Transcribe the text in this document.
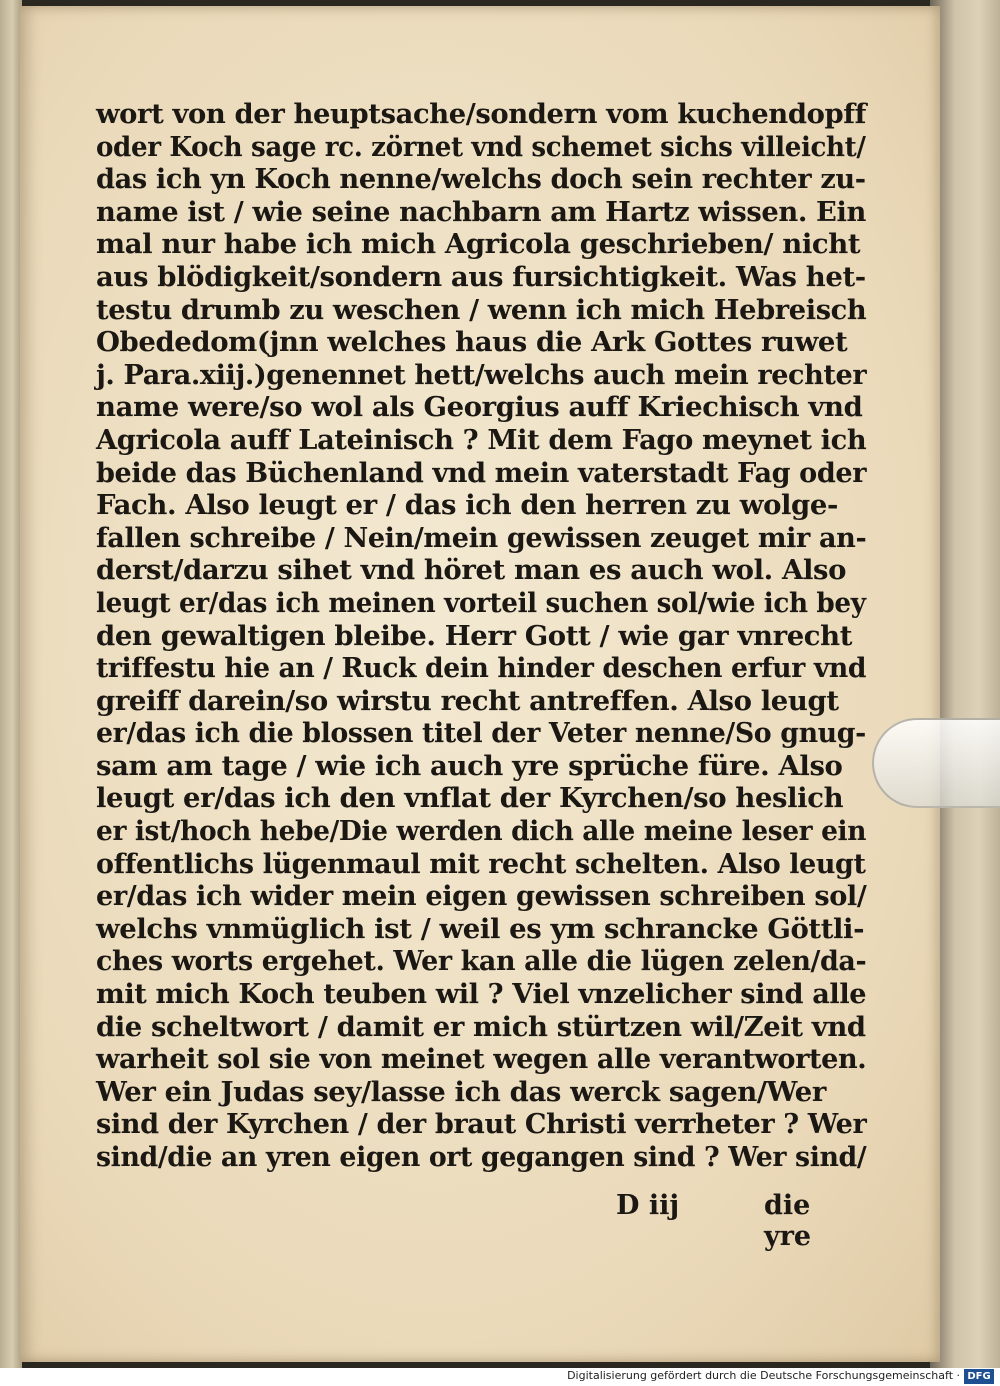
wort von der heuptsache/sondern vom kuchendopff
oder Koch sage rc. zörnet vnd schemet sichs villeicht/
das ich yn Koch nenne/welchs doch sein rechter zu-
name ist / wie seine nachbarn am Hartz wissen. Ein
mal nur habe ich mich Agricola geschrieben/ nicht
aus blödigkeit/sondern aus fursichtigkeit. Was het-
testu drumb zu weschen / wenn ich mich Hebreisch
Obededom(jnn welches haus die Ark Gottes ruwet
j. Para.xiij.)genennet hett/welchs auch mein rechter
name were/so wol als Georgius auff Kriechisch vnd
Agricola auff Lateinisch ? Mit dem Fago meynet ich
beide das Büchenland vnd mein vaterstadt Fag oder
Fach. Also leugt er / das ich den herren zu wolge-
fallen schreibe / Nein/mein gewissen zeuget mir an-
derst/darzu sihet vnd höret man es auch wol. Also
leugt er/das ich meinen vorteil suchen sol/wie ich bey
den gewaltigen bleibe. Herr Gott / wie gar vnrecht
triffestu hie an / Ruck dein hinder deschen erfur vnd
greiff darein/so wirstu recht antreffen. Also leugt
er/das ich die blossen titel der Veter nenne/So gnug-
sam am tage / wie ich auch yre sprüche füre. Also
leugt er/das ich den vnflat der Kyrchen/so heslich
er ist/hoch hebe/Die werden dich alle meine leser ein
offentlichs lügenmaul mit recht schelten. Also leugt
er/das ich wider mein eigen gewissen schreiben sol/
welchs vnmüglich ist / weil es ym schrancke Göttli-
ches worts ergehet. Wer kan alle die lügen zelen/da-
mit mich Koch teuben wil ? Viel vnzelicher sind alle
die scheltwort / damit er mich stürtzen wil/Zeit vnd
warheit sol sie von meinet wegen alle verantworten.
Wer ein Judas sey/lasse ich das werck sagen/Wer
sind der Kyrchen / der braut Christi verrheter ? Wer
sind/die an yren eigen ort gegangen sind ? Wer sind/
D iij	die yre
Digitalisierung gefördert durch die Deutsche Forschungsgemeinschaft · DFG
